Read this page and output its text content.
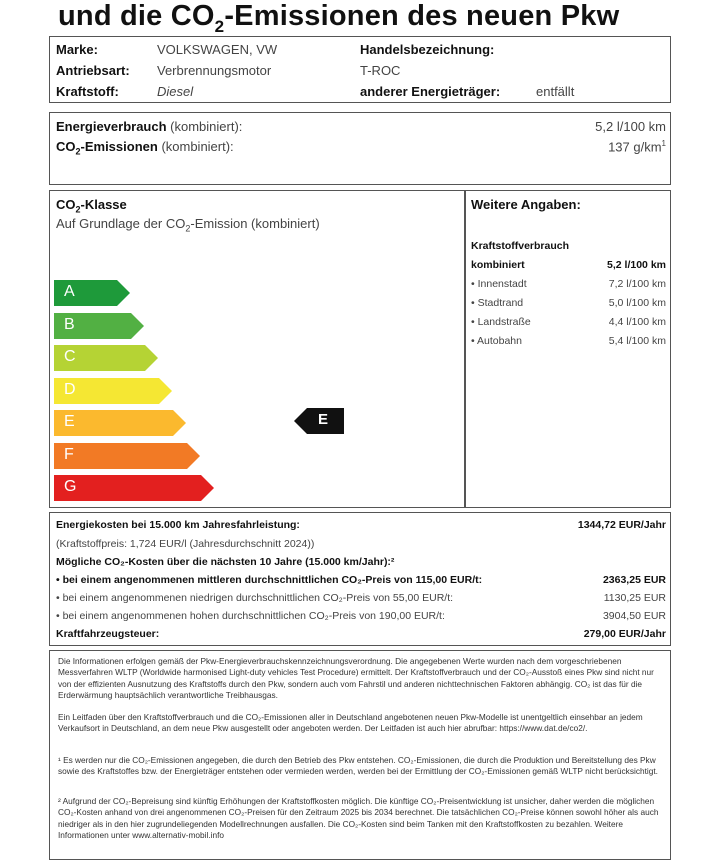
und die $CO_2$-Emissionen des neuen Pkw
Marke:	VOLKSWAGEN, VW
Antriebsart: Verbrennungsmotor
Kraftstoff:	Diesel
Handelsbezeichnung:
T-ROC
anderer Energieträger:	entfällt
Energieverbrauch (kombiniert):	5,2 l/100 km
$CO_2$-Emissionen (kombiniert):	137 $g/km^1$
$CO_2$-Klasse
Auf Grundlage der $CO_2$-Emission (kombiniert)
A
B
C
D
E
F
G
E
Weitere Angaben:
Kraftstoffverbrauch
kombiniert	5,2 l/100 km
• Innenstadt	7,2 l/100 km
• Stadtrand	5,0 l/100 km
• Landstraße	4,4 l/100 km
• Autobahn	5,4 l/100 km
Energiekosten bei 15.000 km Jahresfahrleistung:	1344,72 EUR/Jahr
(Kraftstoffpreis: 1,724 EUR/l (Jahresdurchschnitt 2024))
Mögliche CO₂-Kosten über die nächsten 10 Jahre (15.000 km/Jahr):²
• bei einem angenommenen mittleren durchschnittlichen CO₂-Preis von 115,00 EUR/t:	2363,25 EUR
• bei einem angenommenen niedrigen durchschnittlichen CO₂-Preis von 55,00 EUR/t:	1130,25 EUR
• bei einem angenommenen hohen durchschnittlichen CO₂-Preis von 190,00 EUR/t:	3904,50 EUR
Kraftfahrzeugsteuer:	279,00 EUR/Jahr
Die Informationen erfolgen gemäß der Pkw-Energieverbrauchskennzeichnungsverordnung. Die angegebenen Werte wurden nach dem vorgeschriebenen Messverfahren WLTP (Worldwide harmonised Light-duty vehicles Test Procedure) ermittelt. Der Kraftstoffverbrauch und der CO₂-Ausstoß eines Pkw sind nicht nur von der effizienten Ausnutzung des Kraftstoffs durch den Pkw, sondern auch vom Fahrstil und anderen nichttechnischen Faktoren abhängig. CO₂ ist das für die Erderwärmung hauptsächlich verantwortliche Treibhausgas.
Ein Leitfaden über den Kraftstoffverbrauch und die CO₂-Emissionen aller in Deutschland angebotenen neuen Pkw-Modelle ist unentgeltlich einsehbar an jedem Verkaufsort in Deutschland, an dem neue Pkw ausgestellt oder angeboten werden. Der Leitfaden ist auch hier abrufbar: https://www.dat.de/co2/.
¹ Es werden nur die CO₂-Emissionen angegeben, die durch den Betrieb des Pkw entstehen. CO₂-Emissionen, die durch die Produktion und Bereitstellung des Pkw sowie des Kraftstoffes bzw. der Energieträger entstehen oder vermieden werden, werden bei der Ermittlung der CO₂-Emissionen gemäß WLTP nicht berücksichtigt.
² Aufgrund der CO₂-Bepreisung sind künftig Erhöhungen der Kraftstoffkosten möglich. Die künftige CO₂-Preisentwicklung ist unsicher, daher werden die möglichen CO₂-Kosten anhand von drei angenommenen CO₂-Preisen für den Zeitraum 2025 bis 2034 berechnet. Die tatsächlichen CO₂-Preise können sowohl höher als auch niedriger als in den hier zugrundeliegenden Modellrechnungen ausfallen. Die CO₂-Kosten sind beim Tanken mit den Kraftstoffkosten zu bezahlen. Weitere Informationen unter www.alternativ-mobil.info
